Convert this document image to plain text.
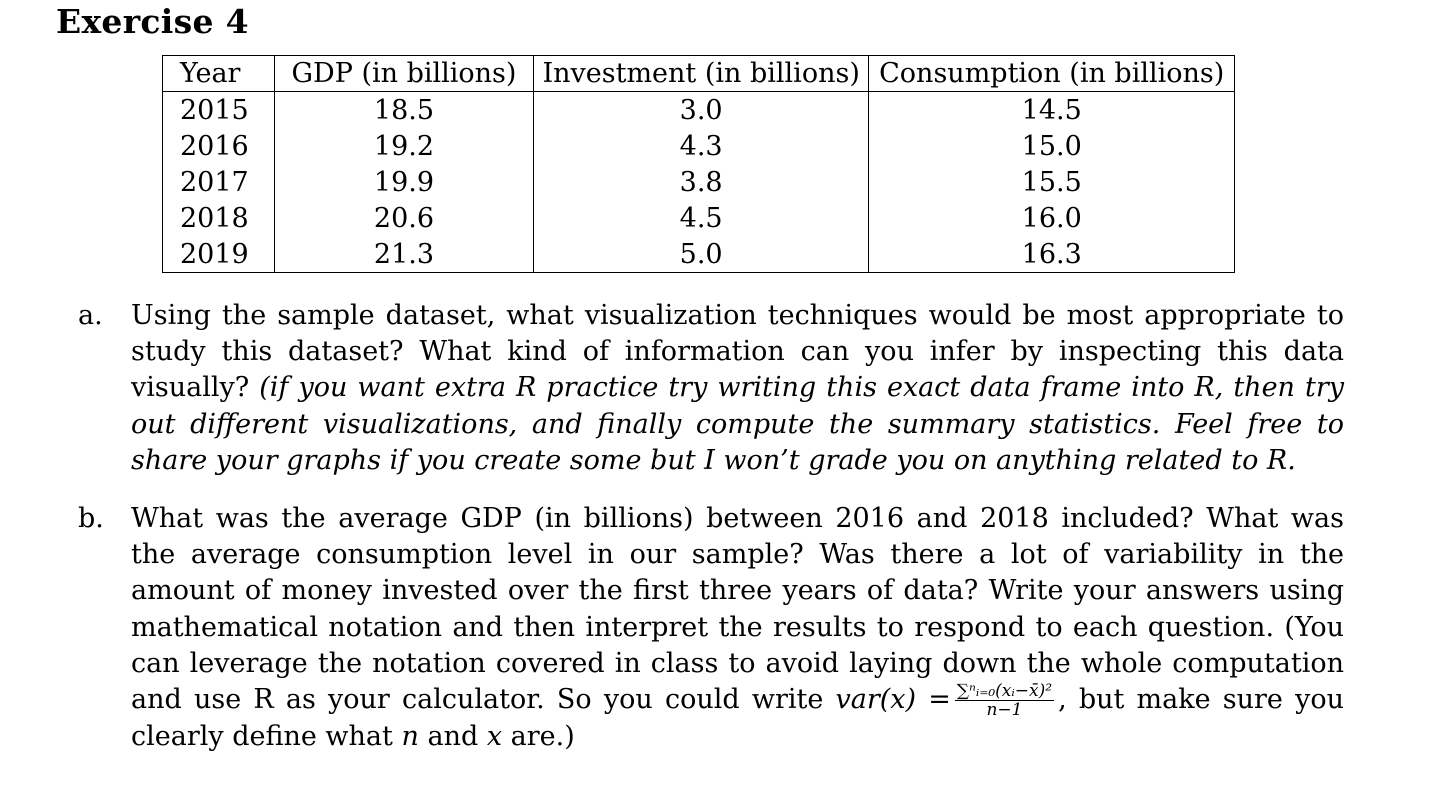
Exercise 4
Year	GDP (in billions)	Investment (in billions)	Consumption (in billions)
2015	18.5	3.0	14.5
2016	19.2	4.3	15.0
2017	19.9	3.8	15.5
2018	20.6	4.5	16.0
2019	21.3	5.0	16.3
a. Using the sample dataset, what visualization techniques would be most appropriate to study this dataset? What kind of information can you infer by inspecting this data visually? (if you want extra R practice try writing this exact data frame into R, then try out different visualizations, and finally compute the summary statistics. Feel free to share your graphs if you create some but I won’t grade you on anything related to R.
b. What was the average GDP (in billions) between 2016 and 2018 included? What was the average consumption level in our sample? Was there a lot of variability in the amount of money invested over the first three years of data? Write your answers using mathematical notation and then interpret the results to respond to each question. (You can leverage the notation covered in class to avoid laying down the whole computation and use R as your calculator. So you could write $var(x) = \frac{\text{∑ⁿᵢ₌₀(xᵢ−x̄)²}}{n-1}$ , but make sure you clearly define what n and x are.)
